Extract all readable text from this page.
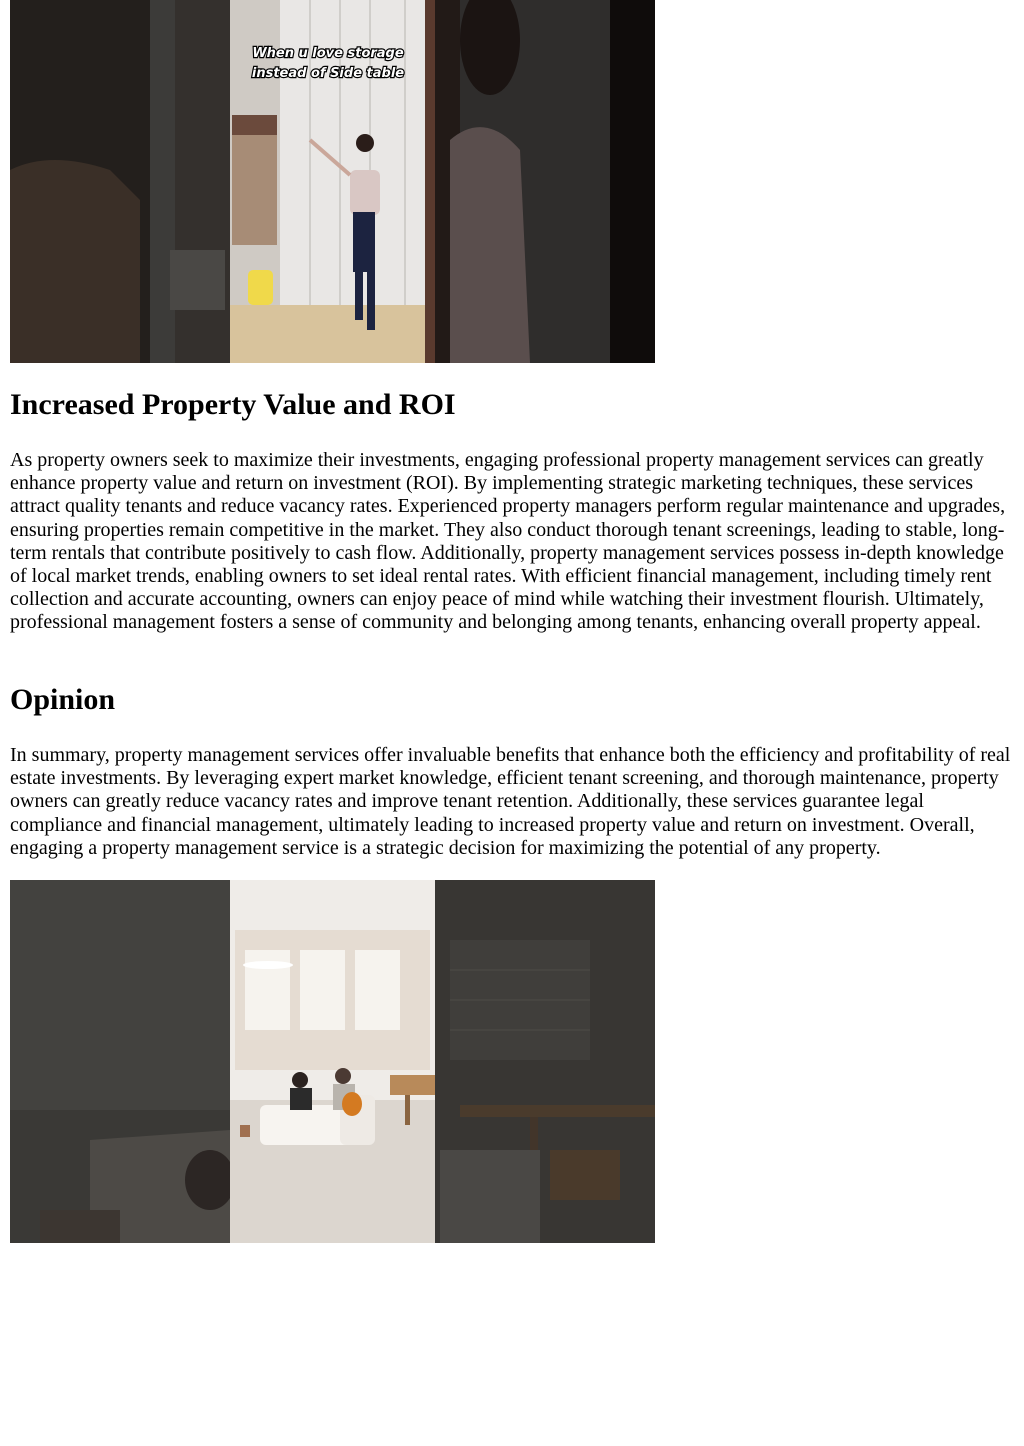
When u love storage
instead of Side table
Increased Property Value and ROI

As property owners seek to maximize their investments, engaging professional property management services can greatly enhance property value and return on investment (ROI). By implementing strategic marketing techniques, these services attract quality tenants and reduce vacancy rates. Experienced property managers perform regular maintenance and upgrades, ensuring properties remain competitive in the market. They also conduct thorough tenant screenings, leading to stable, long-term rentals that contribute positively to cash flow. Additionally, property management services possess in-depth knowledge of local market trends, enabling owners to set ideal rental rates. With efficient financial management, including timely rent collection and accurate accounting, owners can enjoy peace of mind while watching their investment flourish. Ultimately, professional management fosters a sense of community and belonging among tenants, enhancing overall property appeal.

Opinion

In summary, property management services offer invaluable benefits that enhance both the efficiency and profitability of real estate investments. By leveraging expert market knowledge, efficient tenant screening, and thorough maintenance, property owners can greatly reduce vacancy rates and improve tenant retention. Additionally, these services guarantee legal compliance and financial management, ultimately leading to increased property value and return on investment. Overall, engaging a property management service is a strategic decision for maximizing the potential of any property.
